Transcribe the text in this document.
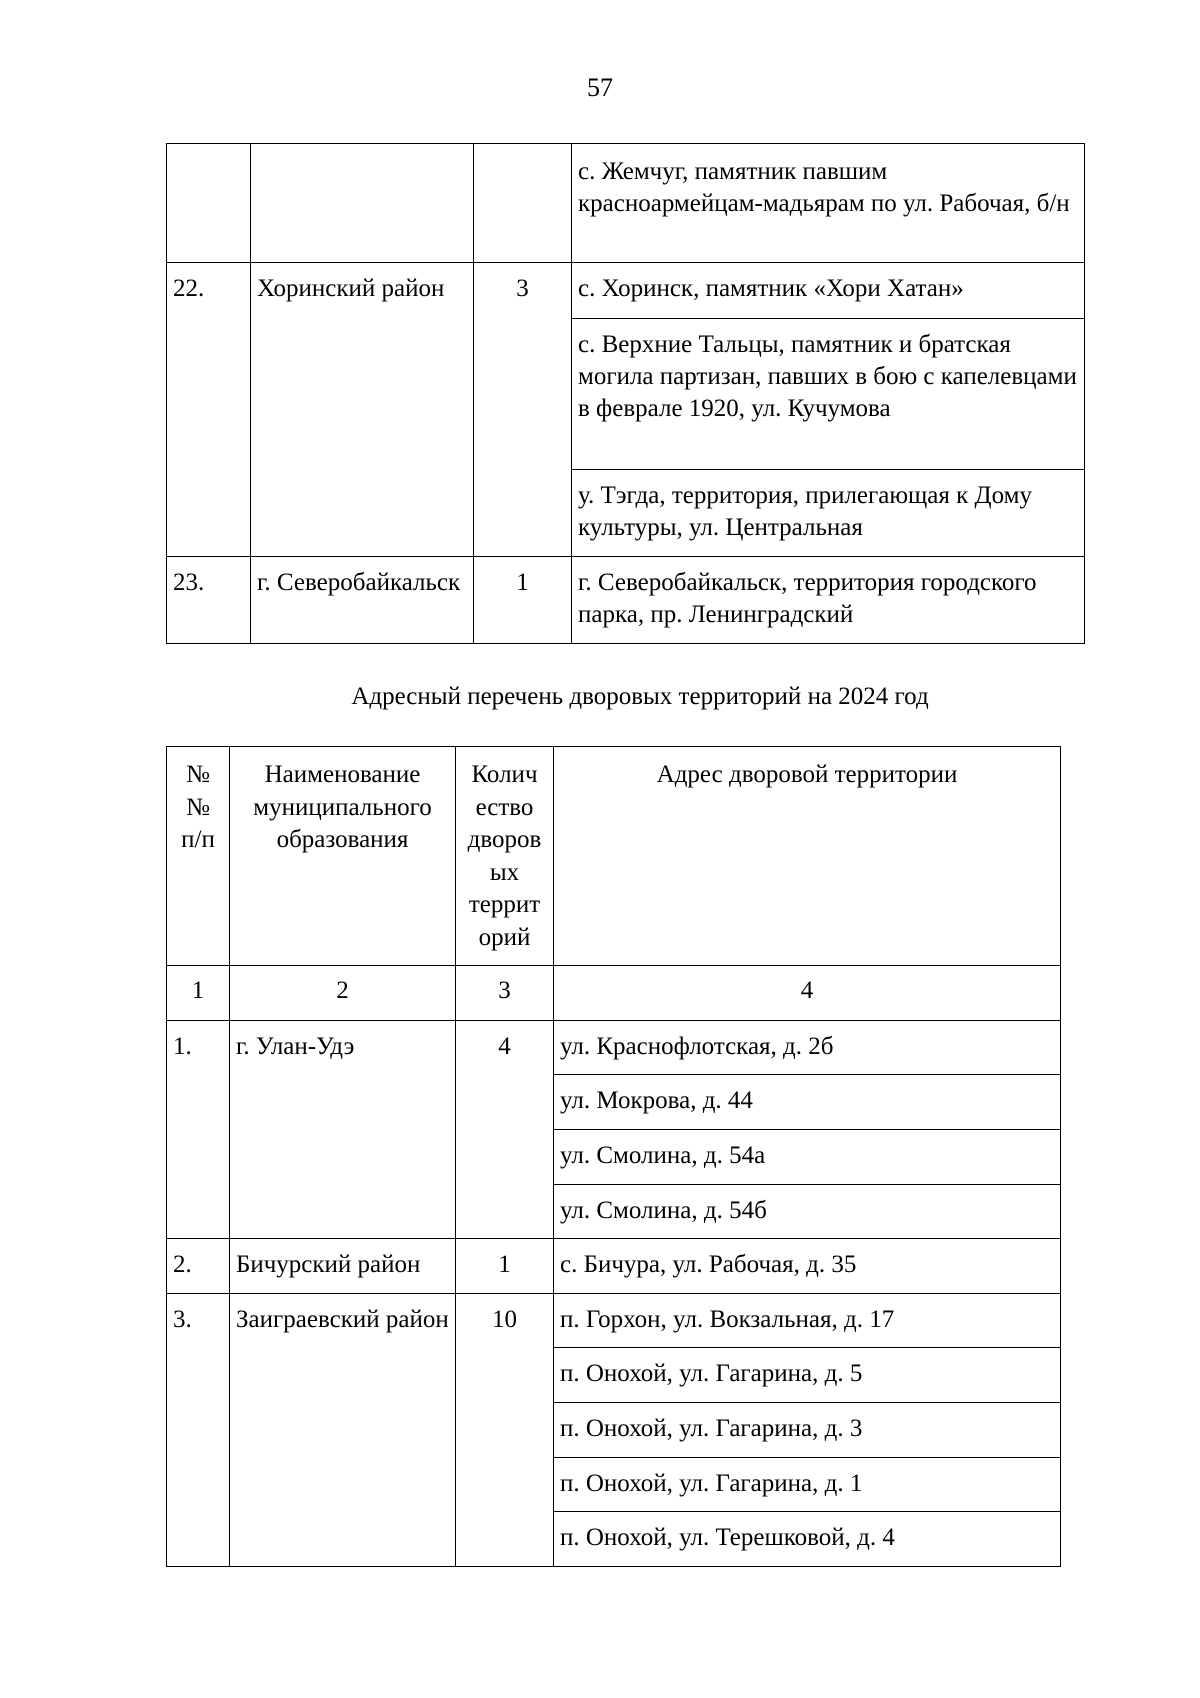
57
			с. Жемчуг, памятник павшим красноармейцам-мадьярам по ул. Рабочая, б/н
22.	Хоринский район	3	с. Хоринск, памятник «Хори Хатан»
			с. Верхние Тальцы, памятник и братская могила партизан, павших в бою с капелевцами в феврале 1920, ул. Кучумова
			у. Тэгда, территория, прилегающая к Дому культуры, ул. Центральная
23.	г. Северобайкальск	1	г. Северобайкальск, территория городского парка, пр. Ленинградский
Адресный перечень дворовых территорий на 2024 год
№ № п/п	Наименование муниципального образования	Колич ество дворов ых террит орий	Адрес дворовой территории
1	2	3	4
1.	г. Улан-Удэ	4	ул. Краснофлотская, д. 2б
			ул. Мокрова, д. 44
			ул. Смолина, д. 54а
			ул. Смолина, д. 54б
2.	Бичурский район	1	с. Бичура, ул. Рабочая, д. 35
3.	Заиграевский район	10	п. Горхон, ул. Вокзальная, д. 17
			п. Онохой, ул. Гагарина, д. 5
			п. Онохой, ул. Гагарина, д. 3
			п. Онохой, ул. Гагарина, д. 1
			п. Онохой, ул. Терешковой, д. 4
